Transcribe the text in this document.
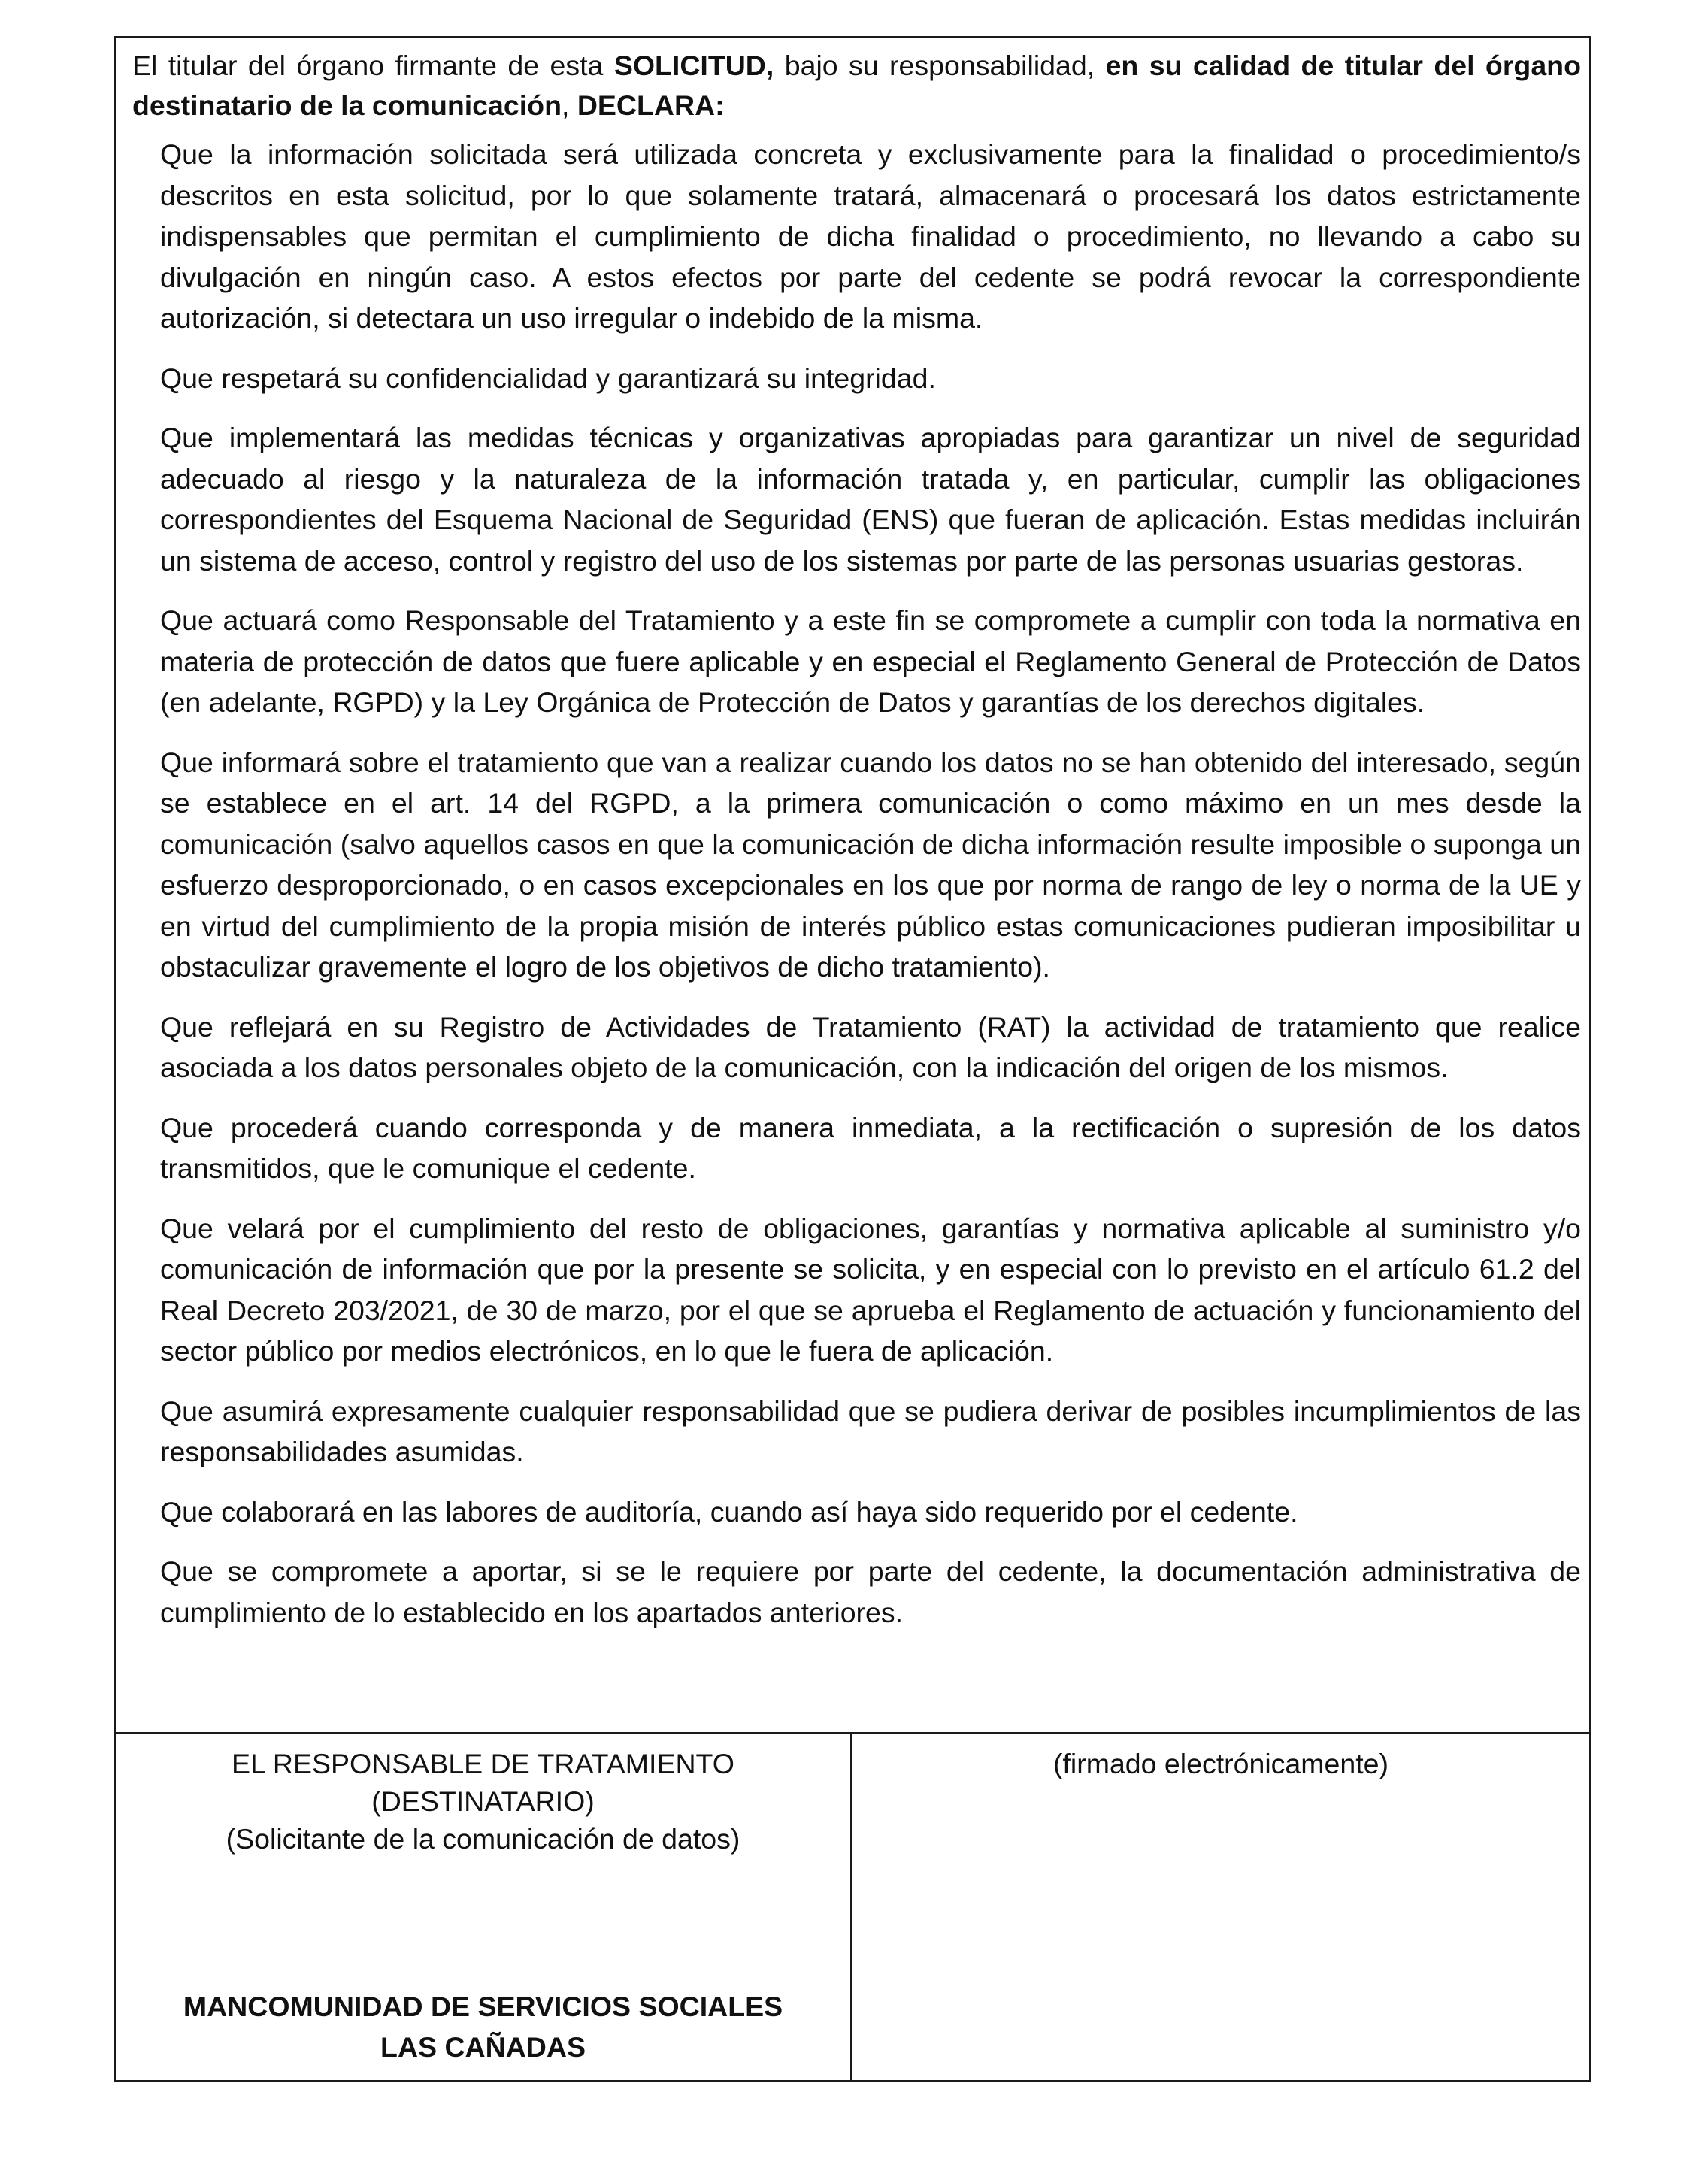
El titular del órgano firmante de esta SOLICITUD, bajo su responsabilidad, en su calidad de titular del órgano destinatario de la comunicación, DECLARA:

Que la información solicitada será utilizada concreta y exclusivamente para la finalidad o procedimiento/s descritos en esta solicitud, por lo que solamente tratará, almacenará o procesará los datos estrictamente indispensables que permitan el cumplimiento de dicha finalidad o procedimiento, no llevando a cabo su divulgación en ningún caso. A estos efectos por parte del cedente se podrá revocar la correspondiente autorización, si detectara un uso irregular o indebido de la misma.

Que respetará su confidencialidad y garantizará su integridad.

Que implementará las medidas técnicas y organizativas apropiadas para garantizar un nivel de seguridad adecuado al riesgo y la naturaleza de la información tratada y, en particular, cumplir las obligaciones correspondientes del Esquema Nacional de Seguridad (ENS) que fueran de aplicación. Estas medidas incluirán un sistema de acceso, control y registro del uso de los sistemas por parte de las personas usuarias gestoras.

Que actuará como Responsable del Tratamiento y a este fin se compromete a cumplir con toda la normativa en materia de protección de datos que fuere aplicable y en especial el Reglamento General de Protección de Datos (en adelante, RGPD) y la Ley Orgánica de Protección de Datos y garantías de los derechos digitales.

Que informará sobre el tratamiento que van a realizar cuando los datos no se han obtenido del interesado, según se establece en el art. 14 del RGPD, a la primera comunicación o como máximo en un mes desde la comunicación (salvo aquellos casos en que la comunicación de dicha información resulte imposible o suponga un esfuerzo desproporcionado, o en casos excepcionales en los que por norma de rango de ley o norma de la UE y en virtud del cumplimiento de la propia misión de interés público estas comunicaciones pudieran imposibilitar u obstaculizar gravemente el logro de los objetivos de dicho tratamiento).

Que reflejará en su Registro de Actividades de Tratamiento (RAT) la actividad de tratamiento que realice asociada a los datos personales objeto de la comunicación, con la indicación del origen de los mismos.

Que procederá cuando corresponda y de manera inmediata, a la rectificación o supresión de los datos transmitidos, que le comunique el cedente.

Que velará por el cumplimiento del resto de obligaciones, garantías y normativa aplicable al suministro y/o comunicación de información que por la presente se solicita, y en especial con lo previsto en el artículo 61.2 del Real Decreto 203/2021, de 30 de marzo, por el que se aprueba el Reglamento de actuación y funcionamiento del sector público por medios electrónicos, en lo que le fuera de aplicación.

Que asumirá expresamente cualquier responsabilidad que se pudiera derivar de posibles incumplimientos de las responsabilidades asumidas.

Que colaborará en las labores de auditoría, cuando así haya sido requerido por el cedente.

Que se compromete a aportar, si se le requiere por parte del cedente, la documentación administrativa de cumplimiento de lo establecido en los apartados anteriores.

EL RESPONSABLE DE TRATAMIENTO
(DESTINATARIO)
(Solicitante de la comunicación de datos)
MANCOMUNIDAD DE SERVICIOS SOCIALES
LAS CAÑADAS
(firmado electrónicamente)
